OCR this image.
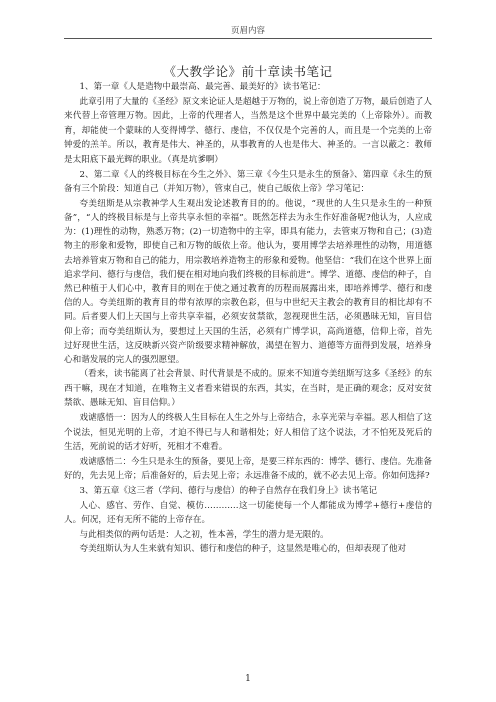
页眉内容
《大教学论》前十章读书笔记

1、第一章《人是造物中最崇高、最完善、最美好的》读书笔记：

此章引用了大量的《圣经》原文来论证人是超越于万物的，说上帝创造了万物，最后创造了人来代替上帝管理万物。因此，上帝的代理者人，当然是这个世界中最完美的（上帝除外）。而教育，却能使一个蒙昧的人变得博学、德行、虔信，不仅仅是个完善的人，而且是一个完美的上帝钟爱的羔羊。所以，教育是伟大、神圣的，从事教育的人也是伟大、神圣的。一言以蔽之：教师是太阳底下最光辉的职业。（真是坑爹啊）

2、第二章《人的终极目标在今生之外》、第三章《今生只是永生的预备》、第四章《永生的预备有三个阶段：知道自己（并知万物），管束自己，使自己皈依上帝》学习笔记：

夸美纽斯是从宗教神学人生观出发论述教育目的的。他说，“现世的人生只是永生的一种预备”，“人的终极目标是与上帝共享永恒的幸福”。既然怎样去为永生作好准备呢?他认为，人应成为：(1)理性的动物，熟悉万物；(2)一切造物中的主宰，即具有能力，去管束万物和自己；(3)造物主的形象和爱物，即使自己和万物的皈依上帝。他认为，要用博学去培养理性的动物，用道德去培养管束万物和自己的能力，用宗教培养造物主的形象和爱物。他坚信：“我们在这个世界上面追求学问、德行与虔信，我们便在相对地向我们终极的目标前进”。博学、道德、虔信的种子，自然已种植于人们心中，教育目的则在于使之通过教育的历程而展露出来，即培养博学、德行和虔信的人。夸美纽斯的教育目的带有浓厚的宗教色彩，但与中世纪天主教会的教育目的相比却有不同。后者要人们上天国与上帝共享幸福，必须安贫禁欲，忽视现世生活，必须愚昧无知，盲目信仰上帝；而夸美纽斯认为，要想过上天国的生活，必须有广博学识，高尚道德，信仰上帝，首先过好现世生活，这反映新兴资产阶级要求精神解放，渴望在智力、道德等方面得到发展，培养身心和谐发展的完人的强烈愿望。

（看来，读书能离了社会背景、时代背景是不成的。原来不知道夸美纽斯写这多《圣经》的东西干嘛，现在才知道，在唯物主义者看来错误的东西，其实，在当时，是正确的观念；反对安贫禁欲、愚昧无知、盲目信仰。）

戏谑感悟一：因为人的终极人生目标在人生之外与上帝结合，永享光荣与幸福。恶人相信了这个说法，恒见光明的上帝，才迫不得已与人和谐相处；好人相信了这个说法，才不怕死及死后的生活，死前说的话才好听，死相才不难看。

戏谑感悟二：今生只是永生的预备，要见上帝，是要三样东西的：博学、德行、虔信。先准备好的，先去见上帝；后准备好的，后去见上帝；永远准备不成的，就不必去见上帝。你如何选择?

3、第五章《这三者（学问、德行与虔信）的种子自然存在我们身上》读书笔记

人心、感官、劳作、自觉、模仿…………这一切能使每一个人都能成为博学+德行+虔信的人。何况，还有无所不能的上帝存在。

与此相类似的两句话是：人之初，性本善，学生的潜力是无限的。

夸美纽斯认为人生来就有知识、德行和虔信的种子，这显然是唯心的，但却表现了他对

1
